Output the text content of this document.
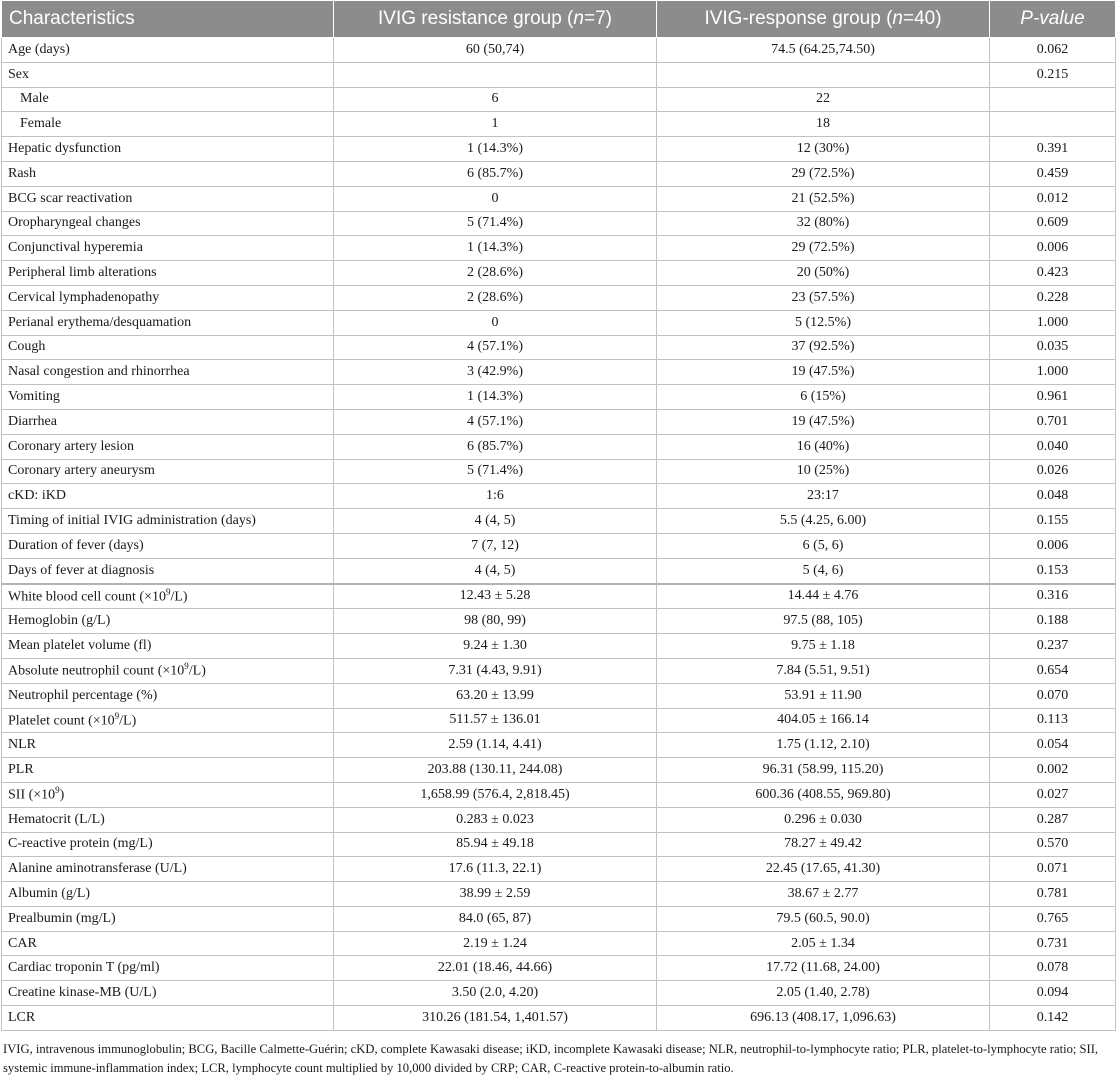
Characteristics	IVIG resistance group (n=7)	IVIG-response group (n=40)	P-value
Age (days)	60 (50,74)	74.5 (64.25,74.50)	0.062
Sex			0.215
Male	6	22	
Female	1	18	
Hepatic dysfunction	1 (14.3%)	12 (30%)	0.391
Rash	6 (85.7%)	29 (72.5%)	0.459
BCG scar reactivation	0	21 (52.5%)	0.012
Oropharyngeal changes	5 (71.4%)	32 (80%)	0.609
Conjunctival hyperemia	1 (14.3%)	29 (72.5%)	0.006
Peripheral limb alterations	2 (28.6%)	20 (50%)	0.423
Cervical lymphadenopathy	2 (28.6%)	23 (57.5%)	0.228
Perianal erythema/desquamation	0	5 (12.5%)	1.000
Cough	4 (57.1%)	37 (92.5%)	0.035
Nasal congestion and rhinorrhea	3 (42.9%)	19 (47.5%)	1.000
Vomiting	1 (14.3%)	6 (15%)	0.961
Diarrhea	4 (57.1%)	19 (47.5%)	0.701
Coronary artery lesion	6 (85.7%)	16 (40%)	0.040
Coronary artery aneurysm	5 (71.4%)	10 (25%)	0.026
cKD: iKD	1:6	23:17	0.048
Timing of initial IVIG administration (days)	4 (4, 5)	5.5 (4.25, 6.00)	0.155
Duration of fever (days)	7 (7, 12)	6 (5, 6)	0.006
Days of fever at diagnosis	4 (4, 5)	5 (4, 6)	0.153
White blood cell count $(\times 10^9/L)$	12.43 ± 5.28	14.44 ± 4.76	0.316
Hemoglobin (g/L)	98 (80, 99)	97.5 (88, 105)	0.188
Mean platelet volume (fl)	9.24 ± 1.30	9.75 ± 1.18	0.237
Absolute neutrophil count $(\times 10^9/L)$	7.31 (4.43, 9.91)	7.84 (5.51, 9.51)	0.654
Neutrophil percentage (%)	63.20 ± 13.99	53.91 ± 11.90	0.070
Platelet count $(\times 10^9/L)$	511.57 ± 136.01	404.05 ± 166.14	0.113
NLR	2.59 (1.14, 4.41)	1.75 (1.12, 2.10)	0.054
PLR	203.88 (130.11, 244.08)	96.31 (58.99, 115.20)	0.002
SII $(\times 10^9)$	1,658.99 (576.4, 2,818.45)	600.36 (408.55, 969.80)	0.027
Hematocrit (L/L)	0.283 ± 0.023	0.296 ± 0.030	0.287
C-reactive protein (mg/L)	85.94 ± 49.18	78.27 ± 49.42	0.570
Alanine aminotransferase (U/L)	17.6 (11.3, 22.1)	22.45 (17.65, 41.30)	0.071
Albumin (g/L)	38.99 ± 2.59	38.67 ± 2.77	0.781
Prealbumin (mg/L)	84.0 (65, 87)	79.5 (60.5, 90.0)	0.765
CAR	2.19 ± 1.24	2.05 ± 1.34	0.731
Cardiac troponin T (pg/ml)	22.01 (18.46, 44.66)	17.72 (11.68, 24.00)	0.078
Creatine kinase-MB (U/L)	3.50 (2.0, 4.20)	2.05 (1.40, 2.78)	0.094
LCR	310.26 (181.54, 1,401.57)	696.13 (408.17, 1,096.63)	0.142
IVIG, intravenous immunoglobulin; BCG, Bacille Calmette-Guérin; cKD, complete Kawasaki disease; iKD, incomplete Kawasaki disease; NLR, neutrophil-to-lymphocyte ratio; PLR, platelet-to-lymphocyte ratio; SII, systemic immune-inflammation index; LCR, lymphocyte count multiplied by 10,000 divided by CRP; CAR, C-reactive protein-to-albumin ratio.
